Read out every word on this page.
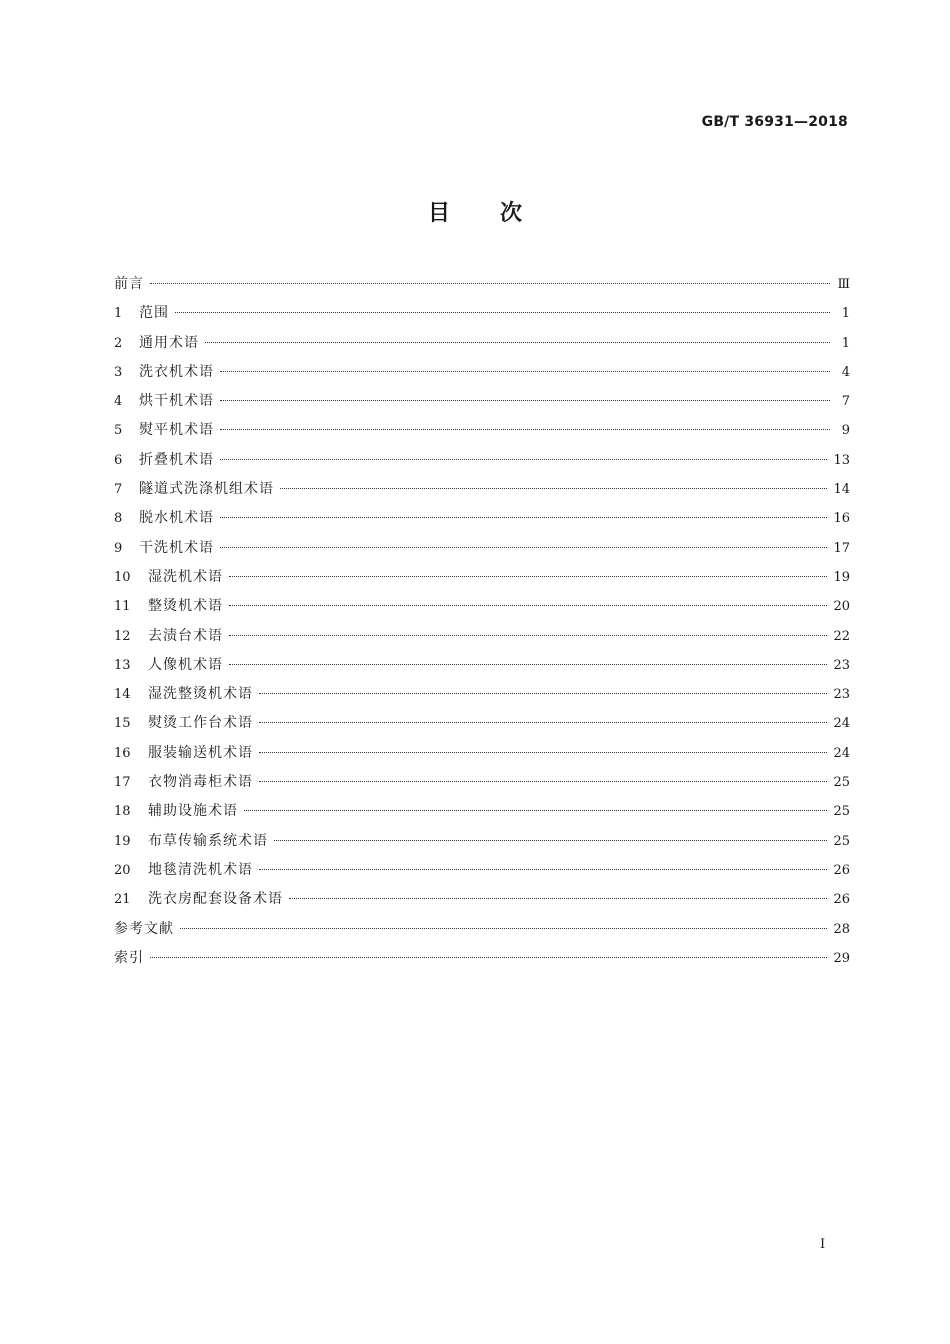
GB/T 36931—2018
目次
前言	Ⅲ
1	范围	1
2	通用术语	1
3	洗衣机术语	4
4	烘干机术语	7
5	熨平机术语	9
6	折叠机术语	13
7	隧道式洗涤机组术语	14
8	脱水机术语	16
9	干洗机术语	17
10	湿洗机术语	19
11	整烫机术语	20
12	去渍台术语	22
13	人像机术语	23
14	湿洗整烫机术语	23
15	熨烫工作台术语	24
16	服装输送机术语	24
17	衣物消毒柜术语	25
18	辅助设施术语	25
19	布草传输系统术语	25
20	地毯清洗机术语	26
21	洗衣房配套设备术语	26
参考文献	28
索引	29
I
